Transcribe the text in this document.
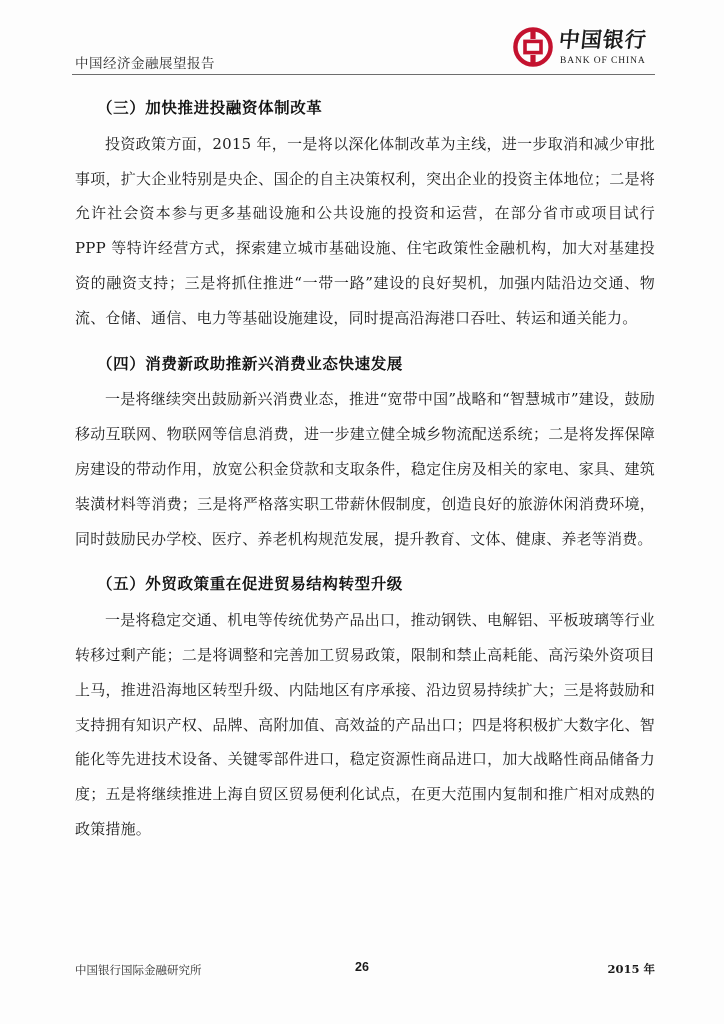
中国经济金融展望报告
中国银行
BANK OF CHINA
（三）加快推进投融资体制改革

投资政策方面，2015 年，一是将以深化体制改革为主线，进一步取消和减少审批事项，扩大企业特别是央企、国企的自主决策权利，突出企业的投资主体地位；二是将允许社会资本参与更多基础设施和公共设施的投资和运营，在部分省市或项目试行 PPP 等特许经营方式，探索建立城市基础设施、住宅政策性金融机构，加大对基建投资的融资支持；三是将抓住推进“一带一路”建设的良好契机，加强内陆沿边交通、物流、仓储、通信、电力等基础设施建设，同时提高沿海港口吞吐、转运和通关能力。

（四）消费新政助推新兴消费业态快速发展

一是将继续突出鼓励新兴消费业态，推进“宽带中国”战略和“智慧城市”建设，鼓励移动互联网、物联网等信息消费，进一步建立健全城乡物流配送系统；二是将发挥保障房建设的带动作用，放宽公积金贷款和支取条件，稳定住房及相关的家电、家具、建筑装潢材料等消费；三是将严格落实职工带薪休假制度，创造良好的旅游休闲消费环境，同时鼓励民办学校、医疗、养老机构规范发展，提升教育、文体、健康、养老等消费。

（五）外贸政策重在促进贸易结构转型升级

一是将稳定交通、机电等传统优势产品出口，推动钢铁、电解铝、平板玻璃等行业转移过剩产能；二是将调整和完善加工贸易政策，限制和禁止高耗能、高污染外资项目上马，推进沿海地区转型升级、内陆地区有序承接、沿边贸易持续扩大；三是将鼓励和支持拥有知识产权、品牌、高附加值、高效益的产品出口；四是将积极扩大数字化、智能化等先进技术设备、关键零部件进口，稳定资源性商品进口，加大战略性商品储备力度；五是将继续推进上海自贸区贸易便利化试点，在更大范围内复制和推广相对成熟的政策措施。

中国银行国际金融研究所	26	2015 年
